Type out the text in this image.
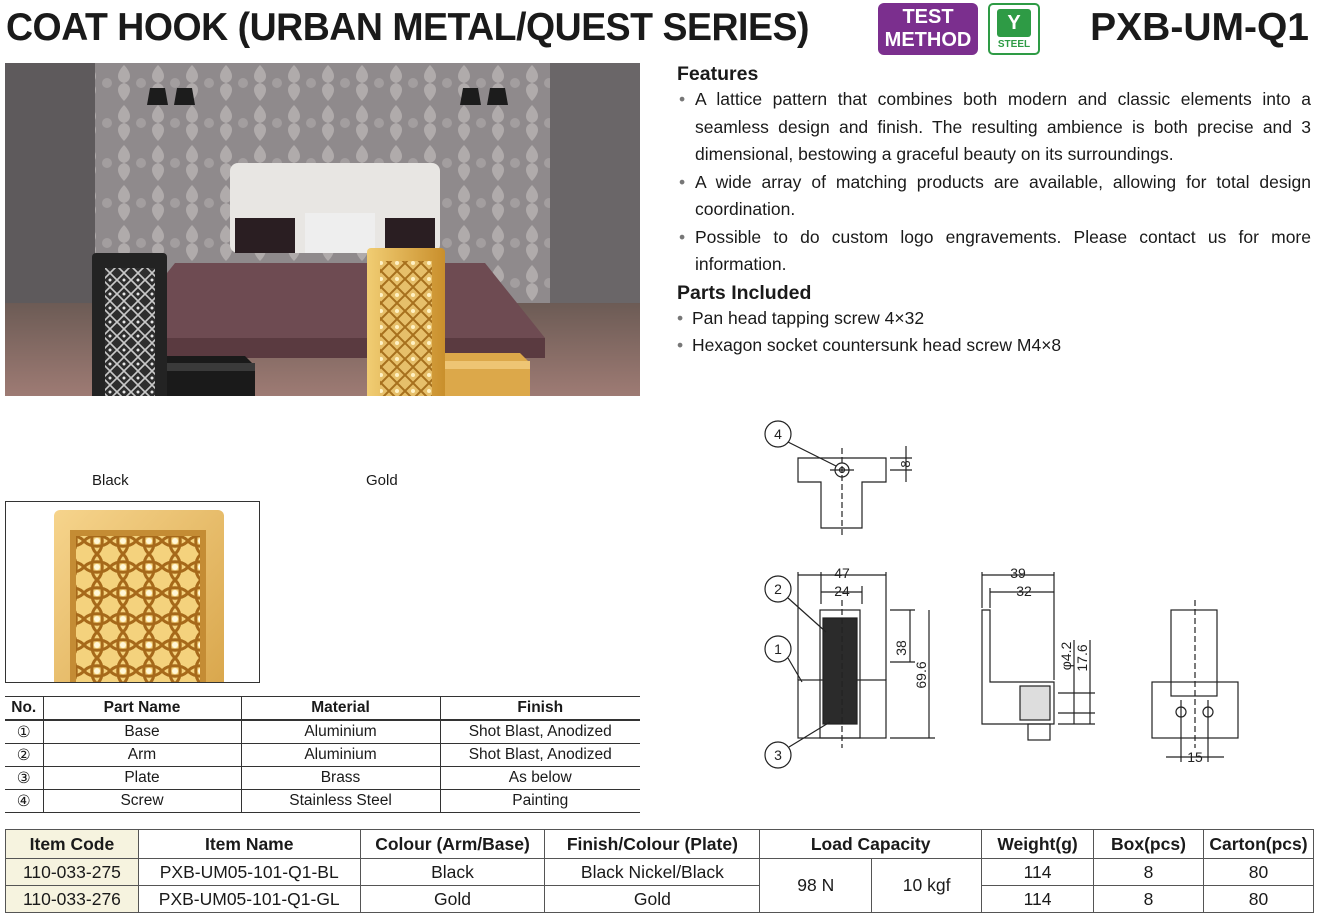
COAT HOOK (URBAN METAL/QUEST SERIES)	TEST
METHOD 4
Y
STEEL PXB-UM-Q1
Black	Gold
Features
• A lattice pattern that combines both modern and classic elements into a seamless design and finish. The resulting ambience is both precise and 3 dimensional, bestowing a graceful beauty on its surroundings.
• A wide array of matching products are available, allowing for total design coordination.
• Possible to do custom logo engravements. Please contact us for more information.
Parts Included
• Pan head tapping screw 4×32
• Hexagon socket countersunk head screw M4×8
4
2
1
3
8
47
24
38
69.6
39
32
φ4.2 17.6
15
No.	Part Name	Material	Finish
①	Base	Aluminium	Shot Blast, Anodized
②	Arm	Aluminium	Shot Blast, Anodized
③	Plate	Brass	As below
④	Screw	Stainless Steel	Painting
Item Code	Item Name	Colour (Arm/Base)	Finish/Colour (Plate)	Load Capacity		Weight(g)	Box(pcs)	Carton(pcs)
110-033-275	PXB-UM05-101-Q1-BL	Black	Black Nickel/Black	98 N	10 kgf	114	8	80
110-033-276	PXB-UM05-101-Q1-GL	Gold	Gold			114	8	80
